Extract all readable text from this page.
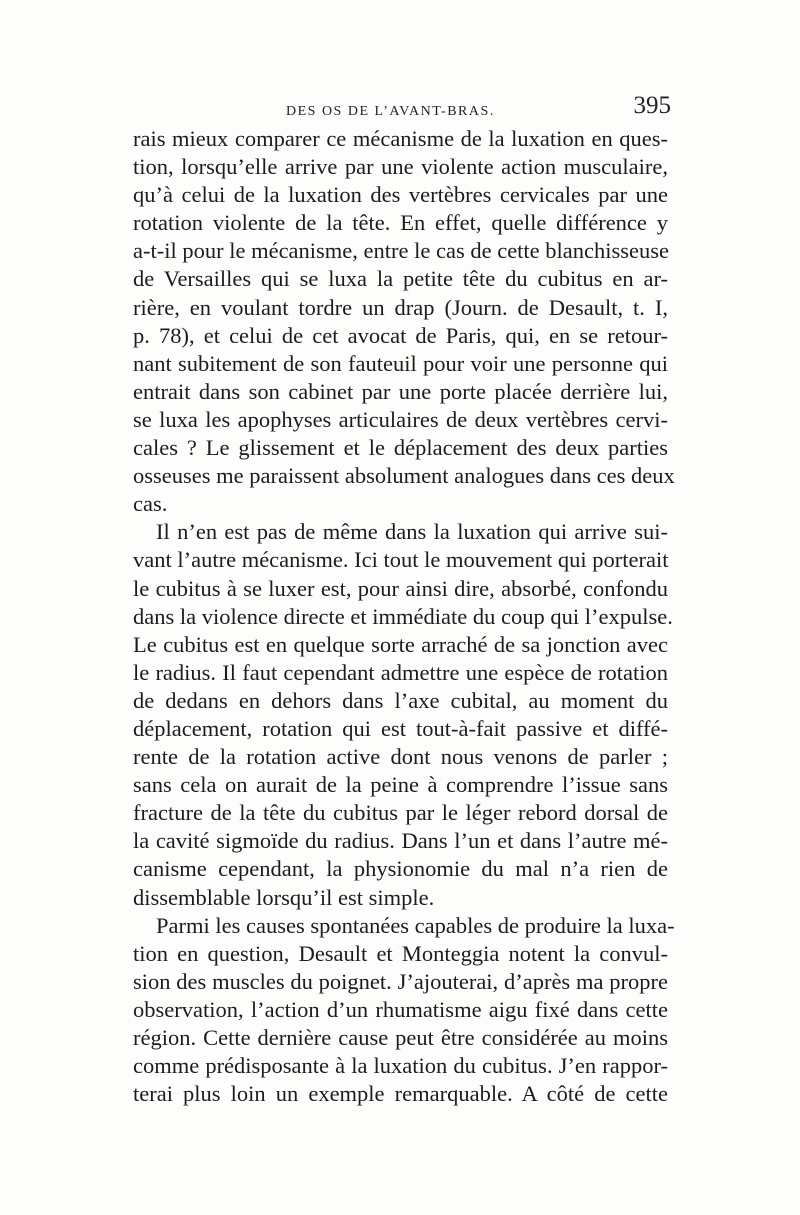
DES OS DE L’AVANT-BRAS.	395
rais mieux comparer ce mécanisme de la luxation en ques-
tion, lorsqu’elle arrive par une violente action musculaire,
qu’à celui de la luxation des vertèbres cervicales par une
rotation violente de la tête. En effet, quelle différence y
a-t-il pour le mécanisme, entre le cas de cette blanchisseuse
de Versailles qui se luxa la petite tête du cubitus en ar-
rière, en voulant tordre un drap (Journ. de Desault, t. I,
p. 78), et celui de cet avocat de Paris, qui, en se retour-
nant subitement de son fauteuil pour voir une personne qui
entrait dans son cabinet par une porte placée derrière lui,
se luxa les apophyses articulaires de deux vertèbres cervi-
cales ? Le glissement et le déplacement des deux parties
osseuses me paraissent absolument analogues dans ces deux
cas.
Il n’en est pas de même dans la luxation qui arrive sui-
vant l’autre mécanisme. Ici tout le mouvement qui porterait
le cubitus à se luxer est, pour ainsi dire, absorbé, confondu
dans la violence directe et immédiate du coup qui l’expulse.
Le cubitus est en quelque sorte arraché de sa jonction avec
le radius. Il faut cependant admettre une espèce de rotation
de dedans en dehors dans l’axe cubital, au moment du
déplacement, rotation qui est tout-à-fait passive et diffé-
rente de la rotation active dont nous venons de parler ;
sans cela on aurait de la peine à comprendre l’issue sans
fracture de la tête du cubitus par le léger rebord dorsal de
la cavité sigmoïde du radius. Dans l’un et dans l’autre mé-
canisme cependant, la physionomie du mal n’a rien de
dissemblable lorsqu’il est simple.
Parmi les causes spontanées capables de produire la luxa-
tion en question, Desault et Monteggia notent la convul-
sion des muscles du poignet. J’ajouterai, d’après ma propre
observation, l’action d’un rhumatisme aigu fixé dans cette
région. Cette dernière cause peut être considérée au moins
comme prédisposante à la luxation du cubitus. J’en rappor-
terai plus loin un exemple remarquable. A côté de cette
